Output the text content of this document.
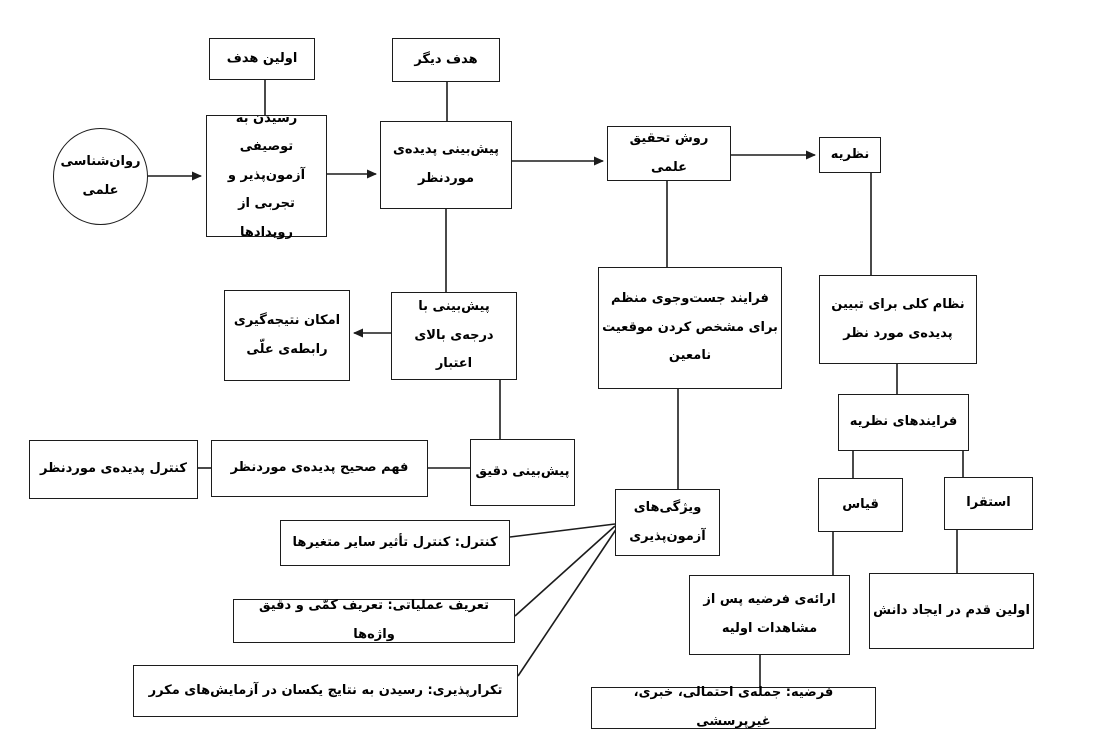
روان‌شناسی علمی
اولین هدف
رسیدن به توصیفی آزمون‌پذیر و تجربی از رویدادها
هدف دیگر
پیش‌بینی پدیده‌ی موردنظر
روش تحقیق علمی
نظریه
فرایند جست‌وجوی منظم برای مشخص کردن موقعیت نامعین
نظام کلی برای تبیین پدیده‌ی مورد نظر
امکان نتیجه‌گیری رابطه‌ی علّی
پیش‌بینی با درجه‌ی بالای اعتبار
فرایندهای نظریه
کنترل پدیده‌ی موردنظر	فهم صحیح پدیده‌ی موردنظر	پیش‌بینی دقیق
ویژگی‌های آزمون‌پذیری
قیاس	استقرا
کنترل: کنترل تأثیر سایر متغیرها
تعریف عملیاتی: تعریف کمّی و دقیق واژه‌ها
تکرارپذیری: رسیدن به نتایج یکسان در آزمایش‌های مکرر
ارائه‌ی فرضیه پس از مشاهدات اولیه
اولین قدم در ایجاد دانش
فرضیه: جمله‌ی احتمالی، خبری، غیرپرسشی
